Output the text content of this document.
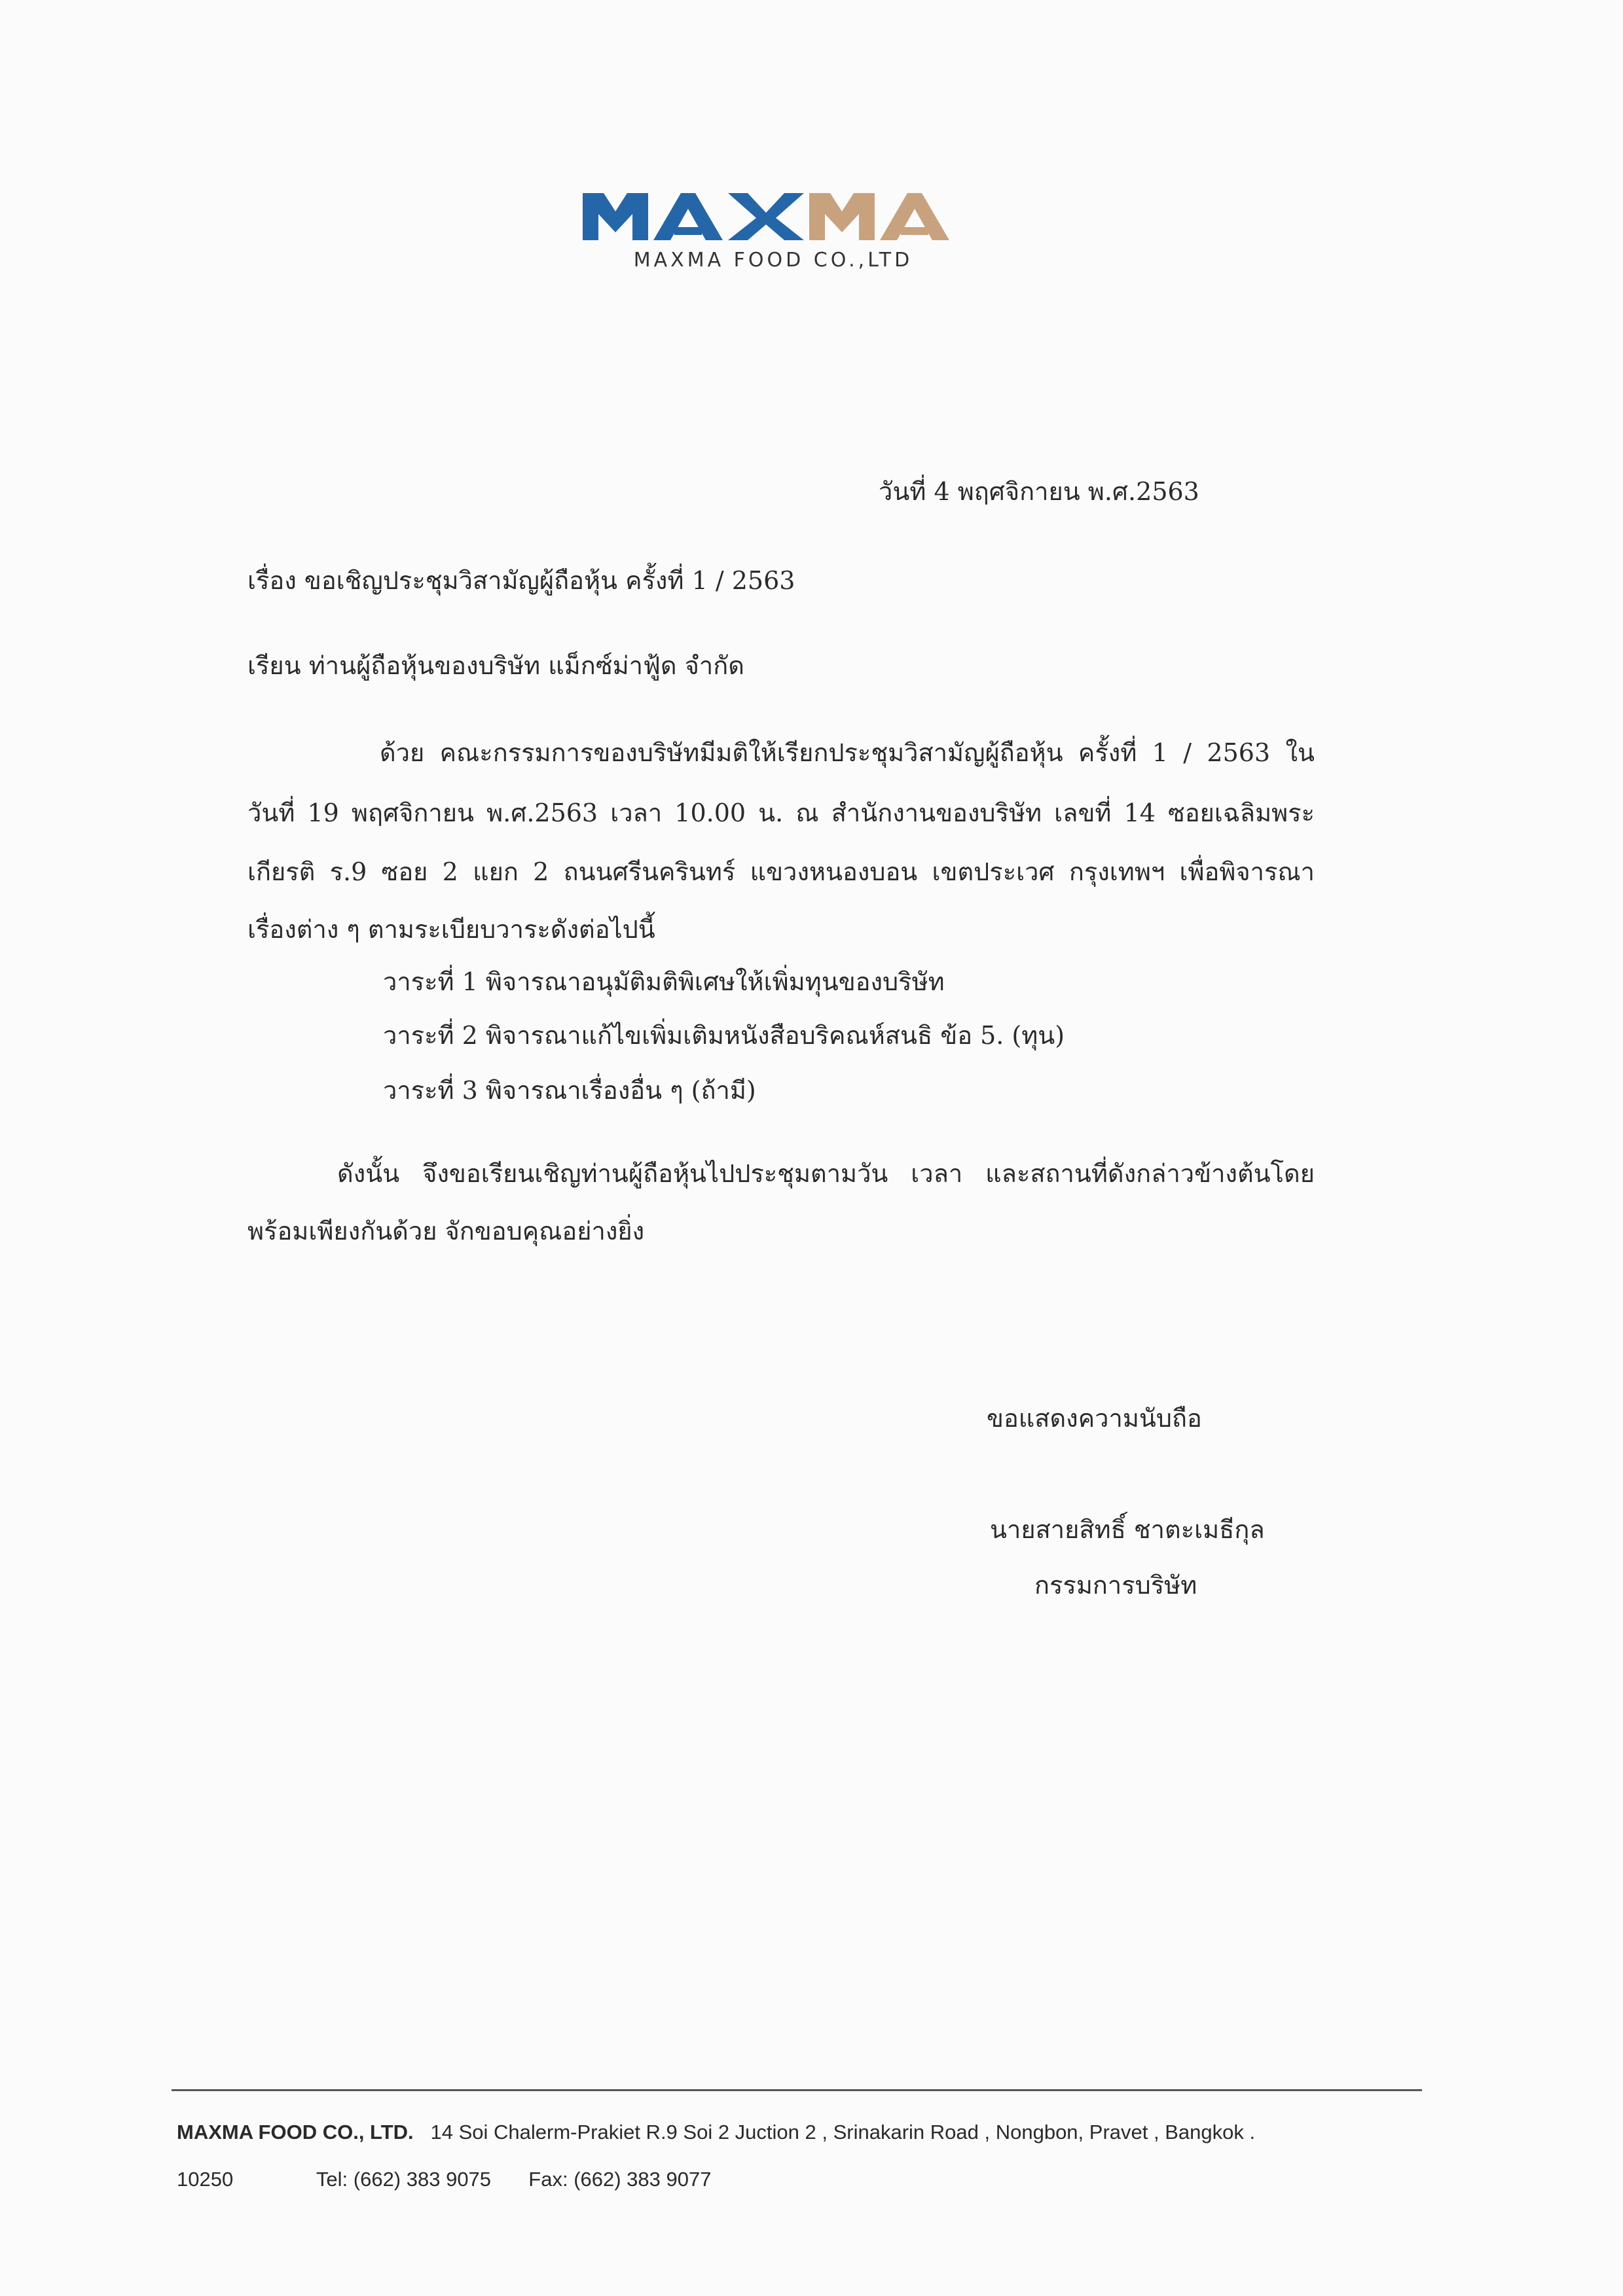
MAXMA FOOD CO.,LTD
วันที่ 4 พฤศจิกายน พ.ศ.2563
เรื่อง ขอเชิญประชุมวิสามัญผู้ถือหุ้น ครั้งที่ 1 / 2563
เรียน ท่านผู้ถือหุ้นของบริษัท แม็กซ์ม่าฟู้ด จำกัด
ด้วย คณะกรรมการของบริษัทมีมติให้เรียกประชุมวิสามัญผู้ถือหุ้น ครั้งที่ 1 / 2563 ใน
วันที่ 19 พฤศจิกายน พ.ศ.2563 เวลา 10.00 น. ณ สำนักงานของบริษัท เลขที่ 14 ซอยเฉลิมพระ
เกียรติ ร.9 ซอย 2 แยก 2 ถนนศรีนครินทร์ แขวงหนองบอน เขตประเวศ กรุงเทพฯ เพื่อพิจารณา
เรื่องต่าง ๆ ตามระเบียบวาระดังต่อไปนี้
วาระที่ 1 พิจารณาอนุมัติมติพิเศษให้เพิ่มทุนของบริษัท
วาระที่ 2 พิจารณาแก้ไขเพิ่มเติมหนังสือบริคณห์สนธิ ข้อ 5. (ทุน)
วาระที่ 3 พิจารณาเรื่องอื่น ๆ (ถ้ามี)
ดังนั้น จึงขอเรียนเชิญท่านผู้ถือหุ้นไปประชุมตามวัน เวลา และสถานที่ดังกล่าวข้างต้นโดย
พร้อมเพียงกันด้วย จักขอบคุณอย่างยิ่ง
ขอแสดงความนับถือ
นายสายสิทธิ์ ชาตะเมธีกุล
กรรมการบริษัท
MAXMA FOOD CO., LTD. 14 Soi Chalerm-Prakiet R.9 Soi 2 Juction 2 , Srinakarin Road , Nongbon, Pravet , Bangkok .
10250	Tel: (662) 383 9075 Fax: (662) 383 9077
